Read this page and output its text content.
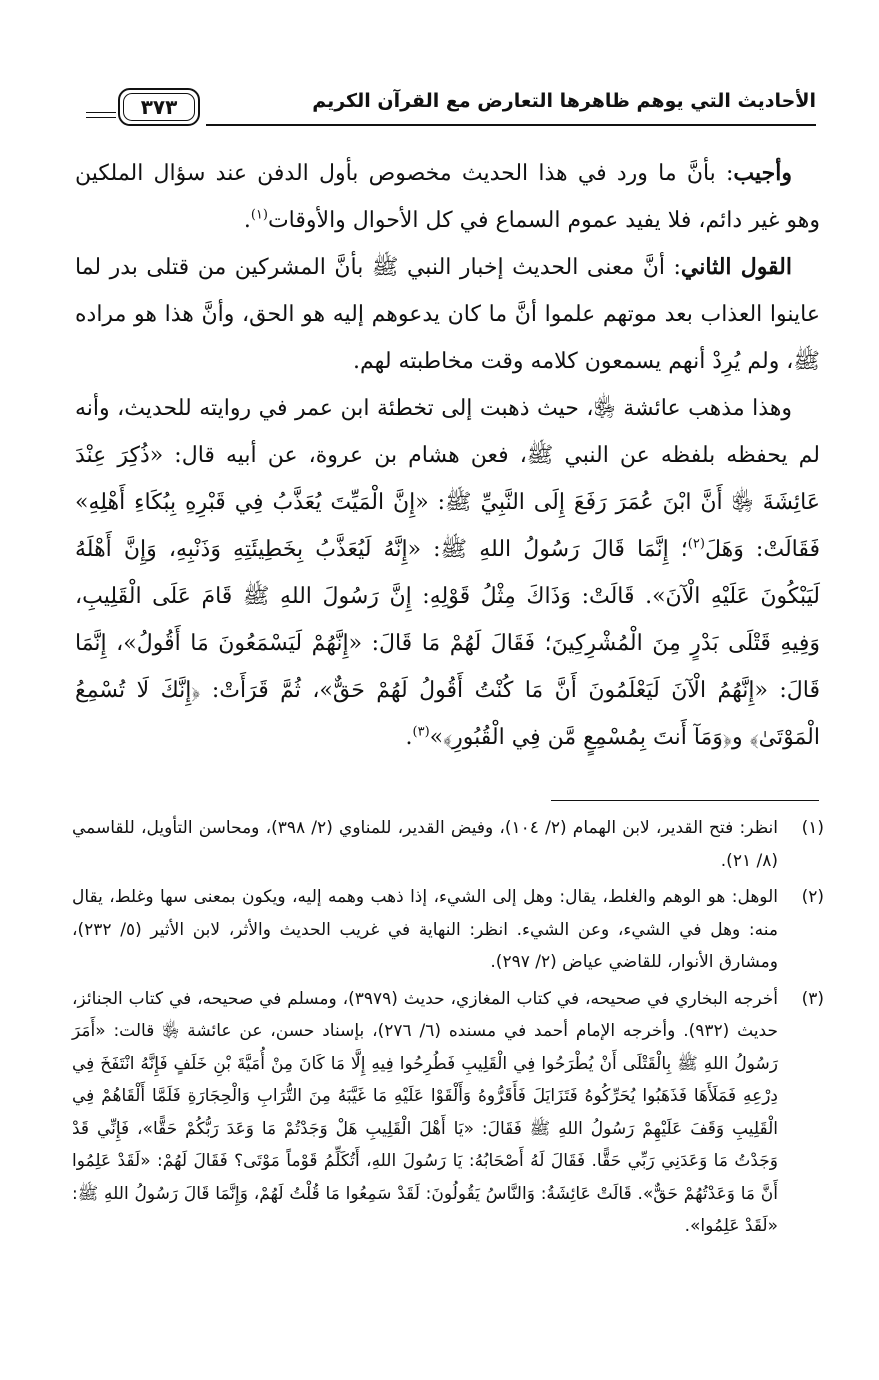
الأحاديث التي يوهم ظاهرها التعارض مع القرآن الكريم
٣٧٣

وأجيب: بأنَّ ما ورد في هذا الحديث مخصوص بأول الدفن عند سؤال الملكين وهو غير دائم، فلا يفيد عموم السماع في كل الأحوال والأوقات$^{(١)}$.

القول الثاني: أنَّ معنى الحديث إخبار النبي ﷺ بأنَّ المشركين من قتلى بدر لما عاينوا العذاب بعد موتهم علموا أنَّ ما كان يدعوهم إليه هو الحق، وأنَّ هذا هو مراده ﷺ، ولم يُرِدْ أنهم يسمعون كلامه وقت مخاطبته لهم.

وهذا مذهب عائشة ﵂، حيث ذهبت إلى تخطئة ابن عمر في روايته للحديث، وأنه لم يحفظه بلفظه عن النبي ﷺ، فعن هشام بن عروة، عن أبيه قال: «ذُكِرَ عِنْدَ عَائِشَةَ ﵂ أَنَّ ابْنَ عُمَرَ رَفَعَ إِلَى النَّبِيِّ ﷺ: «إِنَّ الْمَيِّتَ يُعَذَّبُ فِي قَبْرِهِ بِبُكَاءِ أَهْلِهِ» فَقَالَتْ: وَهَلَ$^{(٢)}$؛ إِنَّمَا قَالَ رَسُولُ اللهِ ﷺ: «إِنَّهُ لَيُعَذَّبُ بِخَطِيئَتِهِ وَذَنْبِهِ، وَإِنَّ أَهْلَهُ لَيَبْكُونَ عَلَيْهِ الْآنَ». قَالَتْ: وَذَاكَ مِثْلُ قَوْلِهِ: إِنَّ رَسُولَ اللهِ ﷺ قَامَ عَلَى الْقَلِيبِ، وَفِيهِ قَتْلَى بَدْرٍ مِنَ الْمُشْرِكِينَ؛ فَقَالَ لَهُمْ مَا قَالَ: «إِنَّهُمْ لَيَسْمَعُونَ مَا أَقُولُ»، إِنَّمَا قَالَ: «إِنَّهُمُ الْآنَ لَيَعْلَمُونَ أَنَّ مَا كُنْتُ أَقُولُ لَهُمْ حَقٌّ»، ثُمَّ قَرَأَتْ: ﴿إِنَّكَ لَا تُسْمِعُ الْمَوْتَىٰ﴾ و﴿وَمَآ أَنتَ بِمُسْمِعٍ مَّن فِي الْقُبُورِ﴾»$^{(٣)}$.

(١)
انظر: فتح القدير، لابن الهمام (٢/ ١٠٤)، وفيض القدير، للمناوي (٢/ ٣٩٨)، ومحاسن التأويل، للقاسمي (٨/ ٢١).
(٢)
الوهل: هو الوهم والغلط، يقال: وهل إلى الشيء، إذا ذهب وهمه إليه، ويكون بمعنى سها وغلط، يقال منه: وهل في الشيء، وعن الشيء. انظر: النهاية في غريب الحديث والأثر، لابن الأثير (٥/ ٢٣٢)، ومشارق الأنوار، للقاضي عياض (٢/ ٢٩٧).
(٣)
أخرجه البخاري في صحيحه، في كتاب المغازي، حديث (٣٩٧٩)، ومسلم في صحيحه، في كتاب الجنائز، حديث (٩٣٢). وأخرجه الإمام أحمد في مسنده (٦/ ٢٧٦)، بإسناد حسن، عن عائشة ﵂ قالت: «أَمَرَ رَسُولُ اللهِ ﷺ بِالْقَتْلَى أَنْ يُطْرَحُوا فِي الْقَلِيبِ فَطُرِحُوا فِيهِ إِلَّا مَا كَانَ مِنْ أُمَيَّةَ بْنِ خَلَفٍ فَإِنَّهُ انْتَفَخَ فِي دِرْعِهِ فَمَلَأَهَا فَذَهَبُوا يُحَرِّكُوهُ فَتَزَايَلَ فَأَقَرُّوهُ وَأَلْقَوْا عَلَيْهِ مَا غَيَّبَهُ مِنَ التُّرَابِ وَالْحِجَارَةِ فَلَمَّا أَلْقَاهُمْ فِي الْقَلِيبِ وَقَفَ عَلَيْهِمْ رَسُولُ اللهِ ﷺ فَقَالَ: «يَا أَهْلَ الْقَلِيبِ هَلْ وَجَدْتُمْ مَا وَعَدَ رَبُّكُمْ حَقًّا»، فَإِنِّي قَدْ وَجَدْتُ مَا وَعَدَنِي رَبِّي حَقًّا. فَقَالَ لَهُ أَصْحَابُهُ: يَا رَسُولَ اللهِ، أَتُكَلِّمُ قَوْماً مَوْتَى؟ فَقَالَ لَهُمْ: «لَقَدْ عَلِمُوا أَنَّ مَا وَعَدْتُهُمْ حَقٌّ». قَالَتْ عَائِشَةُ: وَالنَّاسُ يَقُولُونَ: لَقَدْ سَمِعُوا مَا قُلْتُ لَهُمْ، وَإِنَّمَا قَالَ رَسُولُ اللهِ ﷺ: «لَقَدْ عَلِمُوا».
